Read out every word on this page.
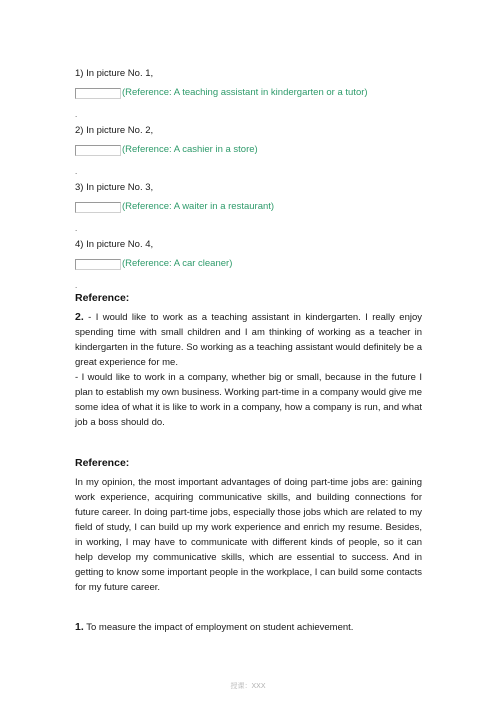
1) In picture No. 1,
(Reference: A teaching assistant in kindergarten or a tutor)
.
2) In picture No. 2,
(Reference: A cashier in a store)
.
3) In picture No. 3,
(Reference: A waiter in a restaurant)
.
4) In picture No. 4,
(Reference: A car cleaner)
.
Reference:
2. - I would like to work as a teaching assistant in kindergarten. I really enjoy spending time with small children and I am thinking of working as a teacher in kindergarten in the future. So working as a teaching assistant would definitely be a great experience for me.
- I would like to work in a company, whether big or small, because in the future I plan to establish my own business. Working part-time in a company would give me some idea of what it is like to work in a company, how a company is run, and what job a boss should do.
Reference:
In my opinion, the most important advantages of doing part-time jobs are: gaining work experience, acquiring communicative skills, and building connections for future career. In doing part-time jobs, especially those jobs which are related to my field of study, I can build up my work experience and enrich my resume. Besides, in working, I may have to communicate with different kinds of people, so it can help develop my communicative skills, which are essential to success. And in getting to know some important people in the workplace, I can build some contacts for my future career.
1. To measure the impact of employment on student achievement.
授课：XXX
